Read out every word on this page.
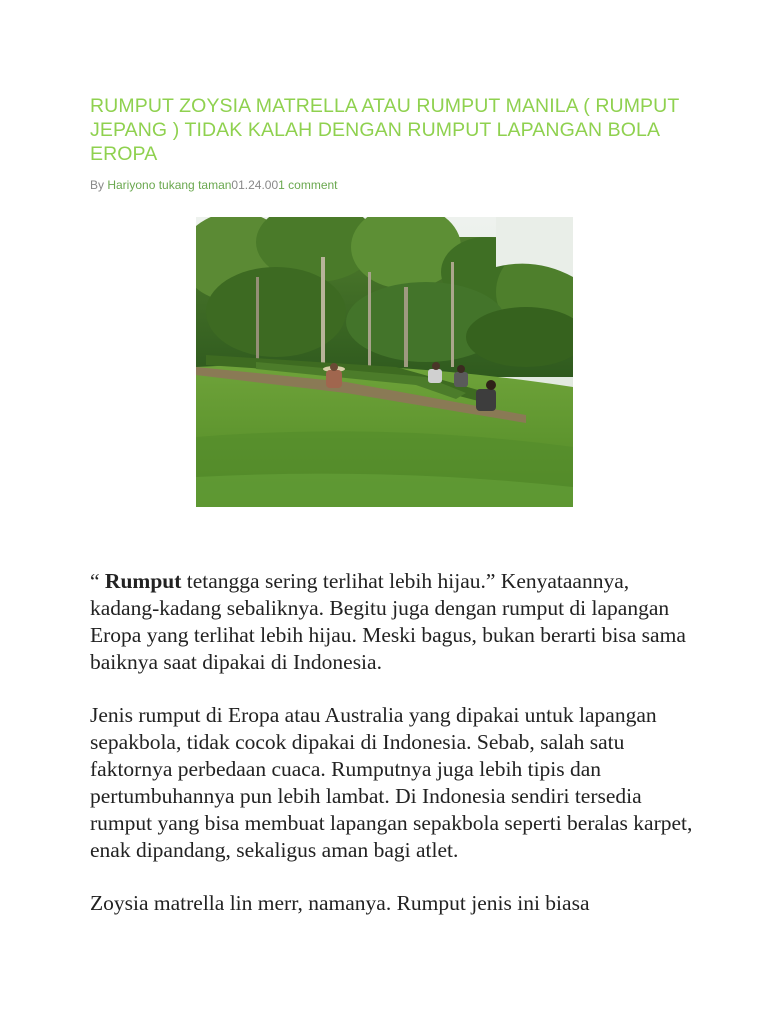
RUMPUT ZOYSIA MATRELLA ATAU RUMPUT MANILA ( RUMPUT JEPANG ) TIDAK KALAH DENGAN RUMPUT LAPANGAN BOLA EROPA
By Hariyono tukang taman01.24.001 comment

“ Rumput tetangga sering terlihat lebih hijau.” Kenyataannya, kadang-kadang sebaliknya. Begitu juga dengan rumput di lapangan Eropa yang terlihat lebih hijau. Meski bagus, bukan berarti bisa sama baiknya saat dipakai di Indonesia.

Jenis rumput di Eropa atau Australia yang dipakai untuk lapangan sepakbola, tidak cocok dipakai di Indonesia. Sebab, salah satu faktornya perbedaan cuaca. Rumputnya juga lebih tipis dan pertumbuhannya pun lebih lambat. Di Indonesia sendiri tersedia rumput yang bisa membuat lapangan sepakbola seperti beralas karpet, enak dipandang, sekaligus aman bagi atlet.

Zoysia matrella lin merr, namanya. Rumput jenis ini biasa
